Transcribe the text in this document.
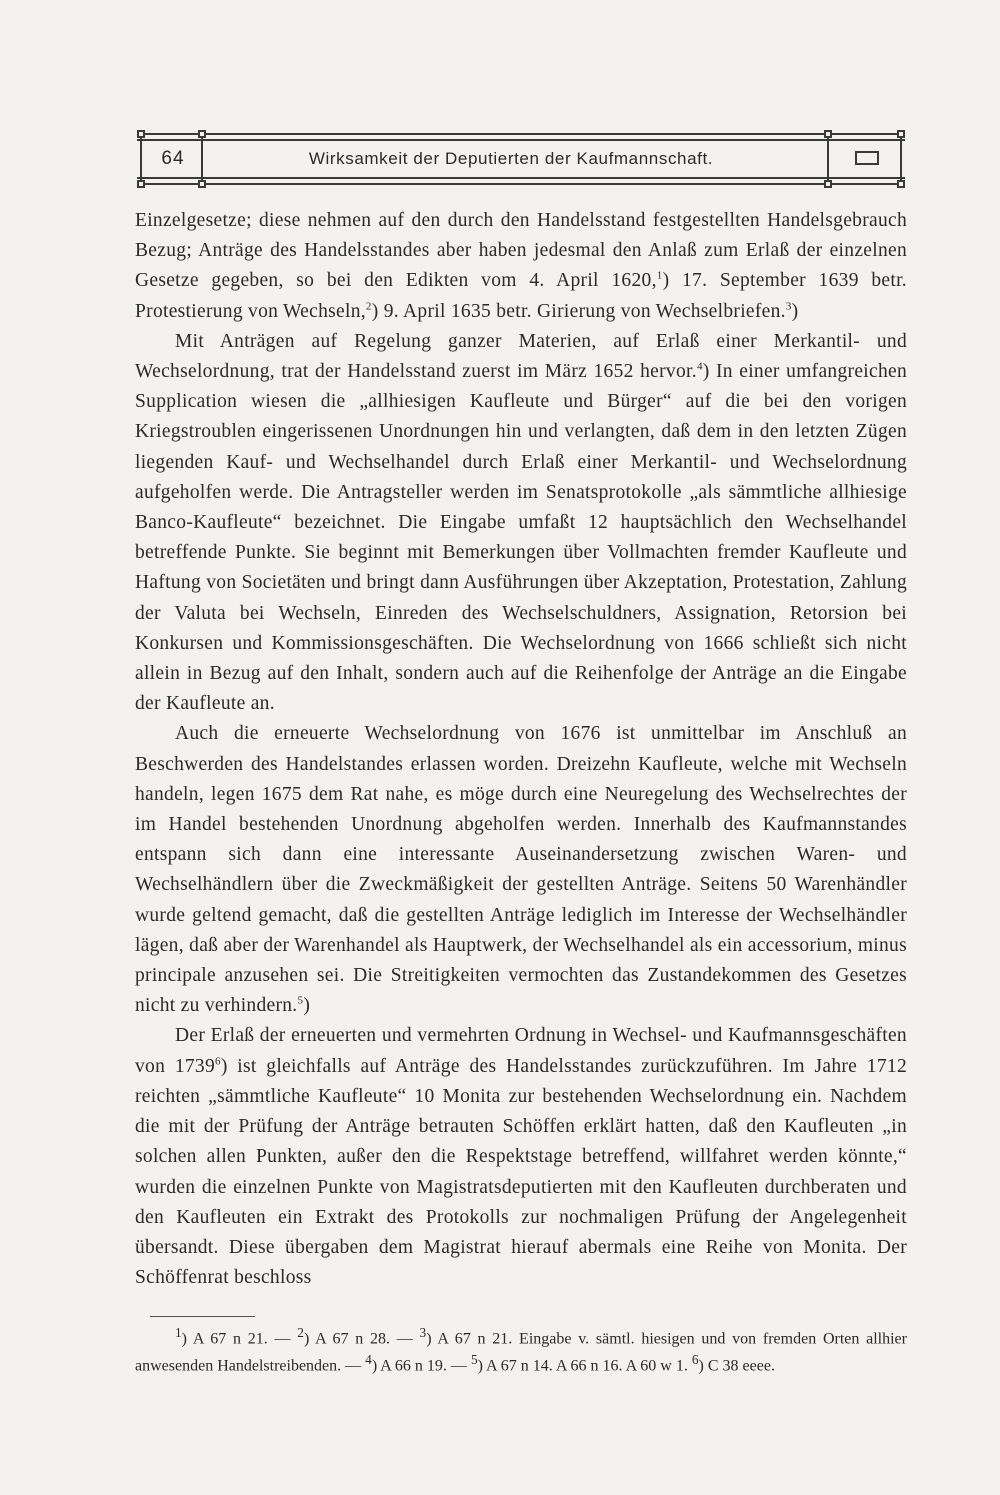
64	Wirksamkeit der Deputierten der Kaufmannschaft.

Einzelgesetze; diese nehmen auf den durch den Handelsstand festgestellten Handelsgebrauch Bezug; Anträge des Handelsstandes aber haben jedesmal den Anlaß zum Erlaß der einzelnen Gesetze gegeben, so bei den Edikten vom 4. April 1620,$^1$) 17. September 1639 betr. Protestierung von Wechseln,$^2$) 9. April 1635 betr. Girierung von Wechselbriefen.$^3$)

Mit Anträgen auf Regelung ganzer Materien, auf Erlaß einer Merkantil- und Wechselordnung, trat der Handelsstand zuerst im März 1652 hervor.$^4$) In einer umfangreichen Supplication wiesen die „allhiesigen Kaufleute und Bürger“ auf die bei den vorigen Kriegstroublen eingerissenen Unordnungen hin und verlangten, daß dem in den letzten Zügen liegenden Kauf- und Wechselhandel durch Erlaß einer Merkantil- und Wechselordnung aufgeholfen werde. Die Antragsteller werden im Senatsprotokolle „als sämmtliche allhiesige Banco-Kaufleute“ bezeichnet. Die Eingabe umfaßt 12 hauptsächlich den Wechselhandel betreffende Punkte. Sie beginnt mit Bemerkungen über Vollmachten fremder Kaufleute und Haftung von Societäten und bringt dann Ausführungen über Akzeptation, Protestation, Zahlung der Valuta bei Wechseln, Einreden des Wechselschuldners, Assignation, Retorsion bei Konkursen und Kommissionsgeschäften. Die Wechselordnung von 1666 schließt sich nicht allein in Bezug auf den Inhalt, sondern auch auf die Reihenfolge der Anträge an die Eingabe der Kaufleute an.

Auch die erneuerte Wechselordnung von 1676 ist unmittelbar im Anschluß an Beschwerden des Handelstandes erlassen worden. Dreizehn Kaufleute, welche mit Wechseln handeln, legen 1675 dem Rat nahe, es möge durch eine Neuregelung des Wechselrechtes der im Handel bestehenden Unordnung abgeholfen werden. Innerhalb des Kaufmannstandes entspann sich dann eine interessante Auseinandersetzung zwischen Waren- und Wechselhändlern über die Zweckmäßigkeit der gestellten Anträge. Seitens 50 Warenhändler wurde geltend gemacht, daß die gestellten Anträge lediglich im Interesse der Wechselhändler lägen, daß aber der Warenhandel als Hauptwerk, der Wechselhandel als ein accessorium, minus principale anzusehen sei. Die Streitigkeiten vermochten das Zustandekommen des Gesetzes nicht zu verhindern.$^5$)

Der Erlaß der erneuerten und vermehrten Ordnung in Wechsel- und Kaufmannsgeschäften von 1739$^6$) ist gleichfalls auf Anträge des Handelsstandes zurückzuführen. Im Jahre 1712 reichten „sämmtliche Kaufleute“ 10 Monita zur bestehenden Wechselordnung ein. Nachdem die mit der Prüfung der Anträge betrauten Schöffen erklärt hatten, daß den Kaufleuten „in solchen allen Punkten, außer den die Respektstage betreffend, willfahret werden könnte,“ wurden die einzelnen Punkte von Magistratsdeputierten mit den Kaufleuten durchberaten und den Kaufleuten ein Extrakt des Protokolls zur nochmaligen Prüfung der Angelegenheit übersandt. Diese übergaben dem Magistrat hierauf abermals eine Reihe von Monita. Der Schöffenrat beschloss

$^1$) A 67 n 21. — $^2$) A 67 n 28. — $^3$) A 67 n 21. Eingabe v. sämtl. hiesigen und von fremden Orten allhier anwesenden Handelstreibenden. — $^4$) A 66 n 19. — $^5$) A 67 n 14. A 66 n 16. A 60 w 1. $^6$) C 38 eeee.
